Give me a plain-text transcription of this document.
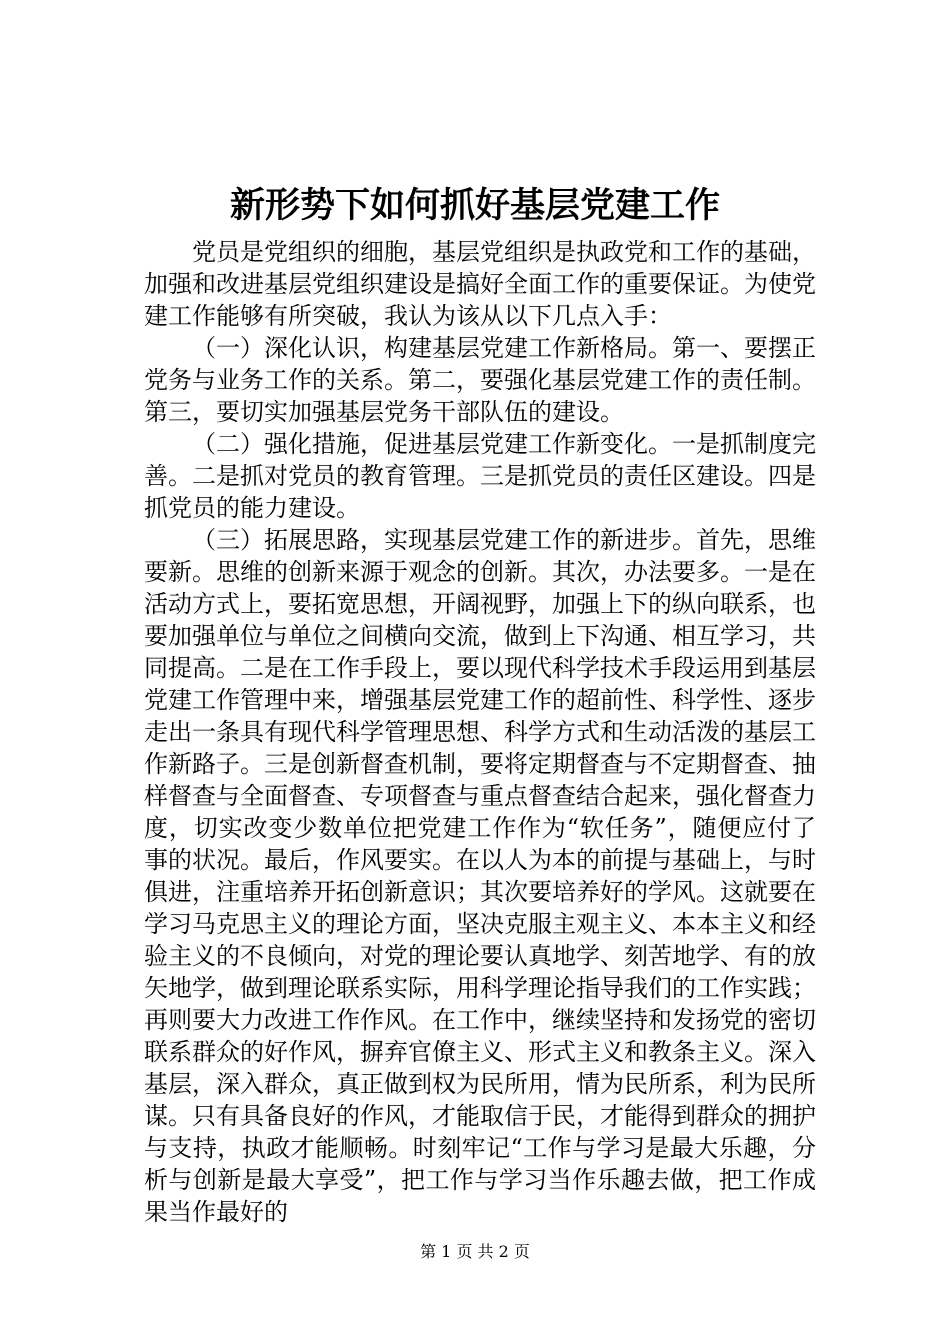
新形势下如何抓好基层党建工作

党员是党组织的细胞，基层党组织是执政党和工作的基础，加强和改进基层党组织建设是搞好全面工作的重要保证。为使党建工作能够有所突破，我认为该从以下几点入手：

（一）深化认识，构建基层党建工作新格局。第一、要摆正党务与业务工作的关系。第二，要强化基层党建工作的责任制。第三，要切实加强基层党务干部队伍的建设。

（二）强化措施，促进基层党建工作新变化。一是抓制度完善。二是抓对党员的教育管理。三是抓党员的责任区建设。四是抓党员的能力建设。

（三）拓展思路，实现基层党建工作的新进步。首先，思维要新。思维的创新来源于观念的创新。其次，办法要多。一是在活动方式上，要拓宽思想，开阔视野，加强上下的纵向联系，也要加强单位与单位之间横向交流，做到上下沟通、相互学习，共同提高。二是在工作手段上，要以现代科学技术手段运用到基层党建工作管理中来，增强基层党建工作的超前性、科学性、逐步走出一条具有现代科学管理思想、科学方式和生动活泼的基层工作新路子。三是创新督查机制，要将定期督查与不定期督查、抽样督查与全面督查、专项督查与重点督查结合起来，强化督查力度，切实改变少数单位把党建工作作为“软任务”，随便应付了事的状况。最后，作风要实。在以人为本的前提与基础上，与时俱进，注重培养开拓创新意识；其次要培养好的学风。这就要在学习马克思主义的理论方面，坚决克服主观主义、本本主义和经验主义的不良倾向，对党的理论要认真地学、刻苦地学、有的放矢地学，做到理论联系实际，用科学理论指导我们的工作实践；再则要大力改进工作作风。在工作中，继续坚持和发扬党的密切联系群众的好作风，摒弃官僚主义、形式主义和教条主义。深入基层，深入群众，真正做到权为民所用，情为民所系，利为民所谋。只有具备良好的作风，才能取信于民，才能得到群众的拥护与支持，执政才能顺畅。时刻牢记“工作与学习是最大乐趣，分析与创新是最大享受”，把工作与学习当作乐趣去做，把工作成果当作最好的

第 1 页 共 2 页
